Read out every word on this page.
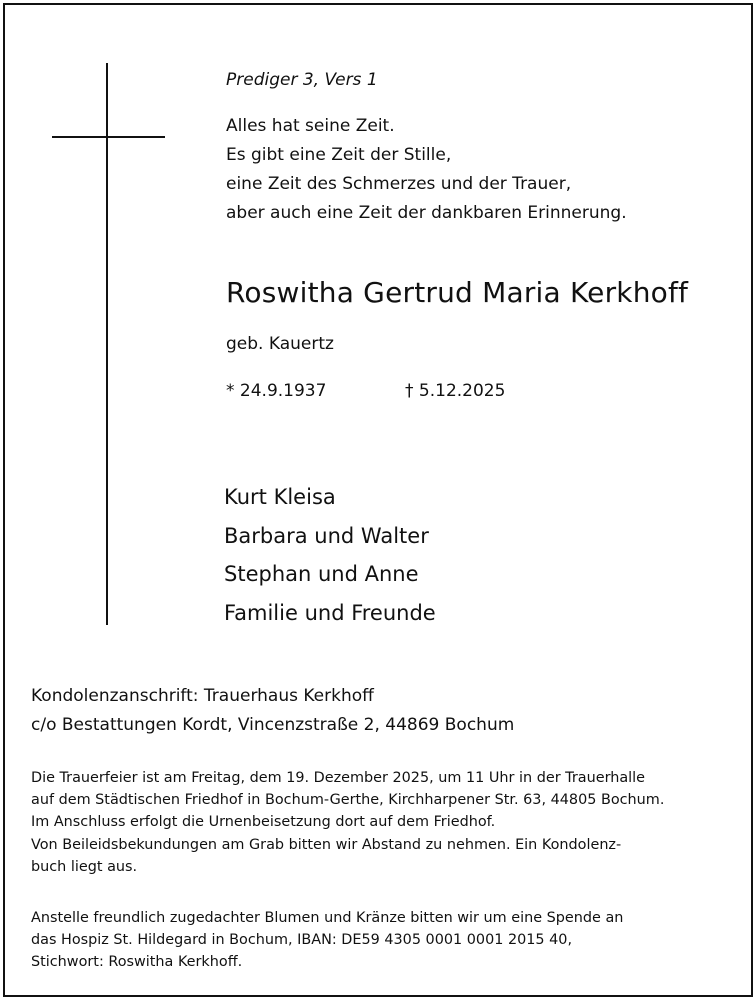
Prediger 3, Vers 1
Alles hat seine Zeit.
Es gibt eine Zeit der Stille,
eine Zeit des Schmerzes und der Trauer,
aber auch eine Zeit der dankbaren Erinnerung.
Roswitha Gertrud Maria Kerkhoff
geb. Kauertz
* 24.9.1937	† 5.12.2025
Kurt Kleisa
Barbara und Walter
Stephan und Anne
Familie und Freunde
Kondolenzanschrift: Trauerhaus Kerkhoff
c/o Bestattungen Kordt, Vincenzstraße 2, 44869 Bochum
Die Trauerfeier ist am Freitag, dem 19. Dezember 2025, um 11 Uhr in der Trauerhalle
auf dem Städtischen Friedhof in Bochum-Gerthe, Kirchharpener Str. 63, 44805 Bochum.
Im Anschluss erfolgt die Urnenbeisetzung dort auf dem Friedhof.
Von Beileidsbekundungen am Grab bitten wir Abstand zu nehmen. Ein Kondolenz-
buch liegt aus.
Anstelle freundlich zugedachter Blumen und Kränze bitten wir um eine Spende an
das Hospiz St. Hildegard in Bochum, IBAN: DE59 4305 0001 0001 2015 40,
Stichwort: Roswitha Kerkhoff.
